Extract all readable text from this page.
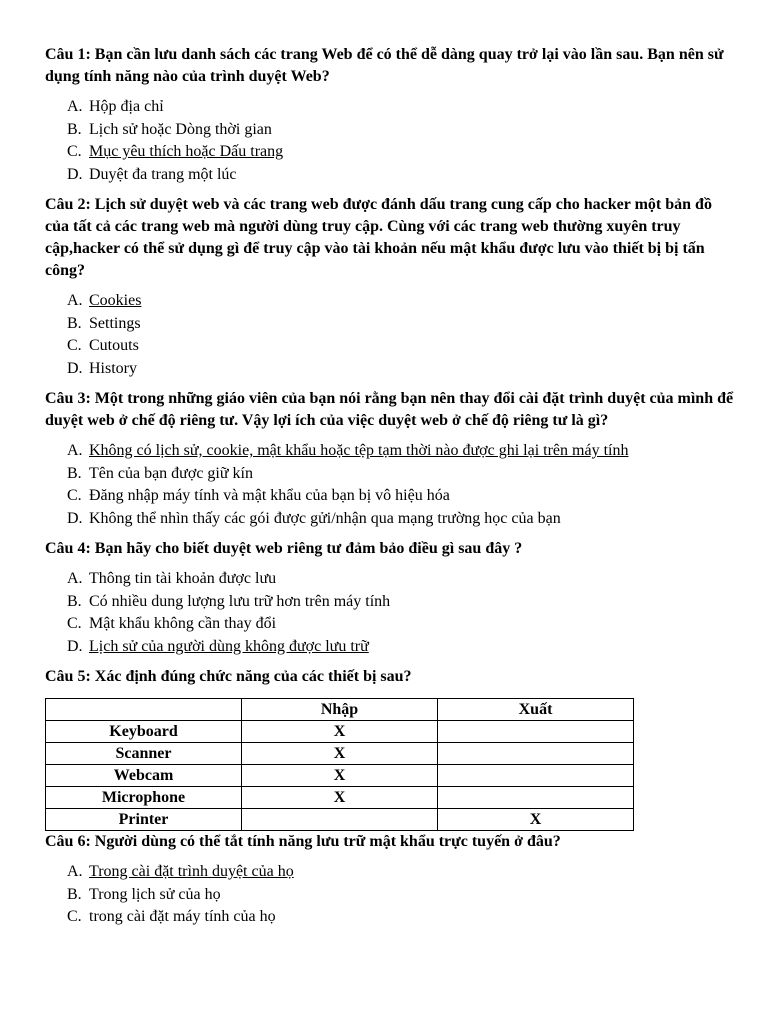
Câu 1: Bạn cần lưu danh sách các trang Web để có thể dễ dàng quay trở lại vào lần sau. Bạn nên sử dụng tính năng nào của trình duyệt Web?

A. Hộp địa chỉ
B. Lịch sử hoặc Dòng thời gian
C. Mục yêu thích hoặc Dấu trang
D. Duyệt đa trang một lúc

Câu 2: Lịch sử duyệt web và các trang web được đánh dấu trang cung cấp cho hacker một bản đồ của tất cả các trang web mà người dùng truy cập. Cùng với các trang web thường xuyên truy cập,hacker có thể sử dụng gì để truy cập vào tài khoản nếu mật khẩu được lưu vào thiết bị bị tấn công?

A. Cookies
B. Settings
C. Cutouts
D. History

Câu 3: Một trong những giáo viên của bạn nói rằng bạn nên thay đổi cài đặt trình duyệt của mình để duyệt web ở chế độ riêng tư. Vậy lợi ích của việc duyệt web ở chế độ riêng tư là gì?

A. Không có lịch sử, cookie, mật khẩu hoặc tệp tạm thời nào được ghi lại trên máy tính
B. Tên của bạn được giữ kín
C. Đăng nhập máy tính và mật khẩu của bạn bị vô hiệu hóa
D. Không thể nhìn thấy các gói được gửi/nhận qua mạng trường học của bạn

Câu 4: Bạn hãy cho biết duyệt web riêng tư đảm bảo điều gì sau đây ?

A. Thông tin tài khoản được lưu
B. Có nhiều dung lượng lưu trữ hơn trên máy tính
C. Mật khẩu không cần thay đổi
D. Lịch sử của người dùng không được lưu trữ

Câu 5: Xác định đúng chức năng của các thiết bị sau?

	Nhập	Xuất
Keyboard	X	
Scanner	X	
Webcam	X	
Microphone	X	
Printer		X

Câu 6: Người dùng có thể tắt tính năng lưu trữ mật khẩu trực tuyến ở đâu?

A. Trong cài đặt trình duyệt của họ
B. Trong lịch sử của họ
C. trong cài đặt máy tính của họ
